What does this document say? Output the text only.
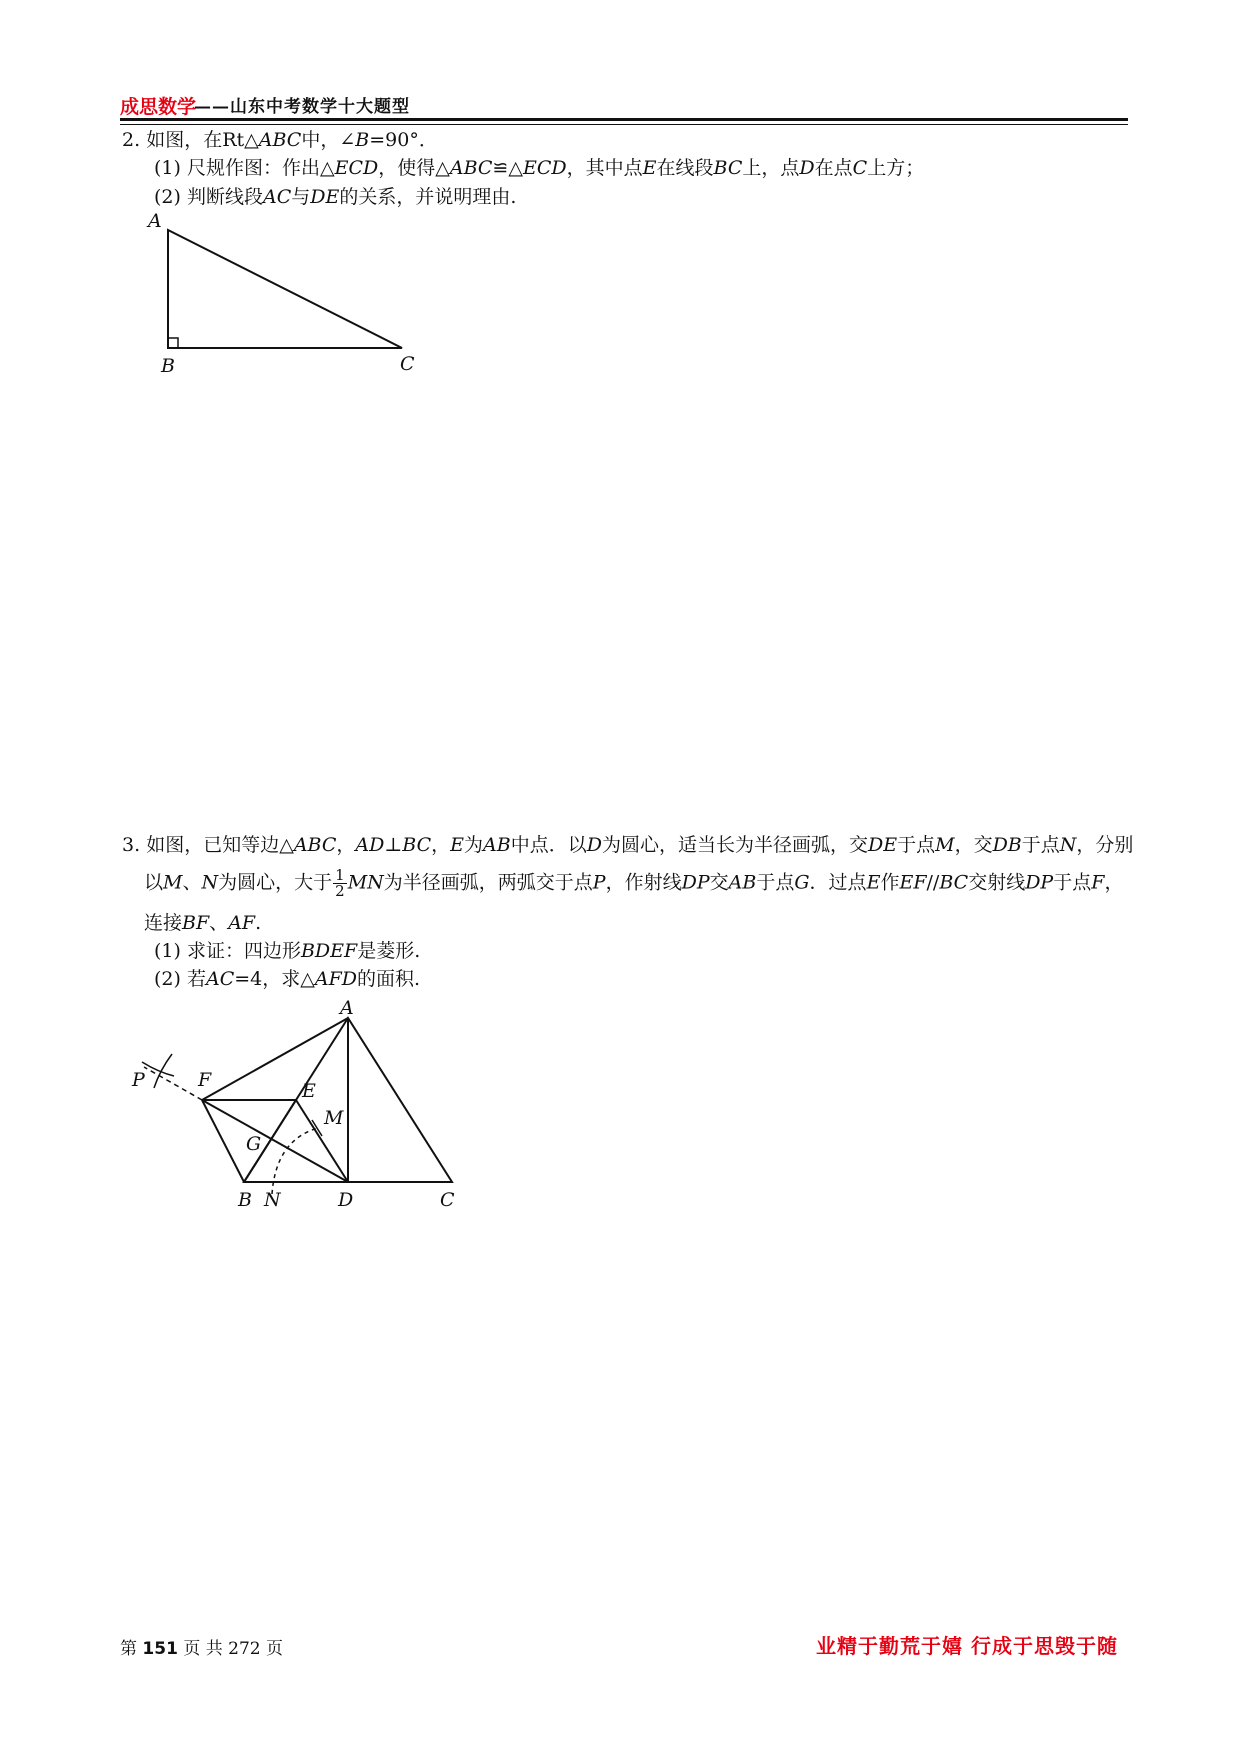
成思数学
——山东中考数学十大题型
2. 如图，在Rt△ABC中，∠B=90°．
(1) 尺规作图：作出△ECD，使得△ABC≌△ECD，其中点E在线段BC上，点D在点C上方；
(2) 判断线段AC与DE的关系，并说明理由.
A
B	C
3. 如图，已知等边△ABC，AD⊥BC，E为AB中点．以D为圆心，适当长为半径画弧，交DE于点M，交DB于点N，分别
以M、N为圆心，大于 $\frac{1}{2}$ MN为半径画弧，两弧交于点P，作射线DP交AB于点G．过点E作EF//BC交射线DP于点F，
连接BF、AF.
(1) 求证：四边形BDEF是菱形.
(2) 若AC=4，求△AFD的面积.
A
P	F	E
M
G
B N	D	C
第 151 页 共 272 页	业精于勤荒于嬉 行成于思毁于随
